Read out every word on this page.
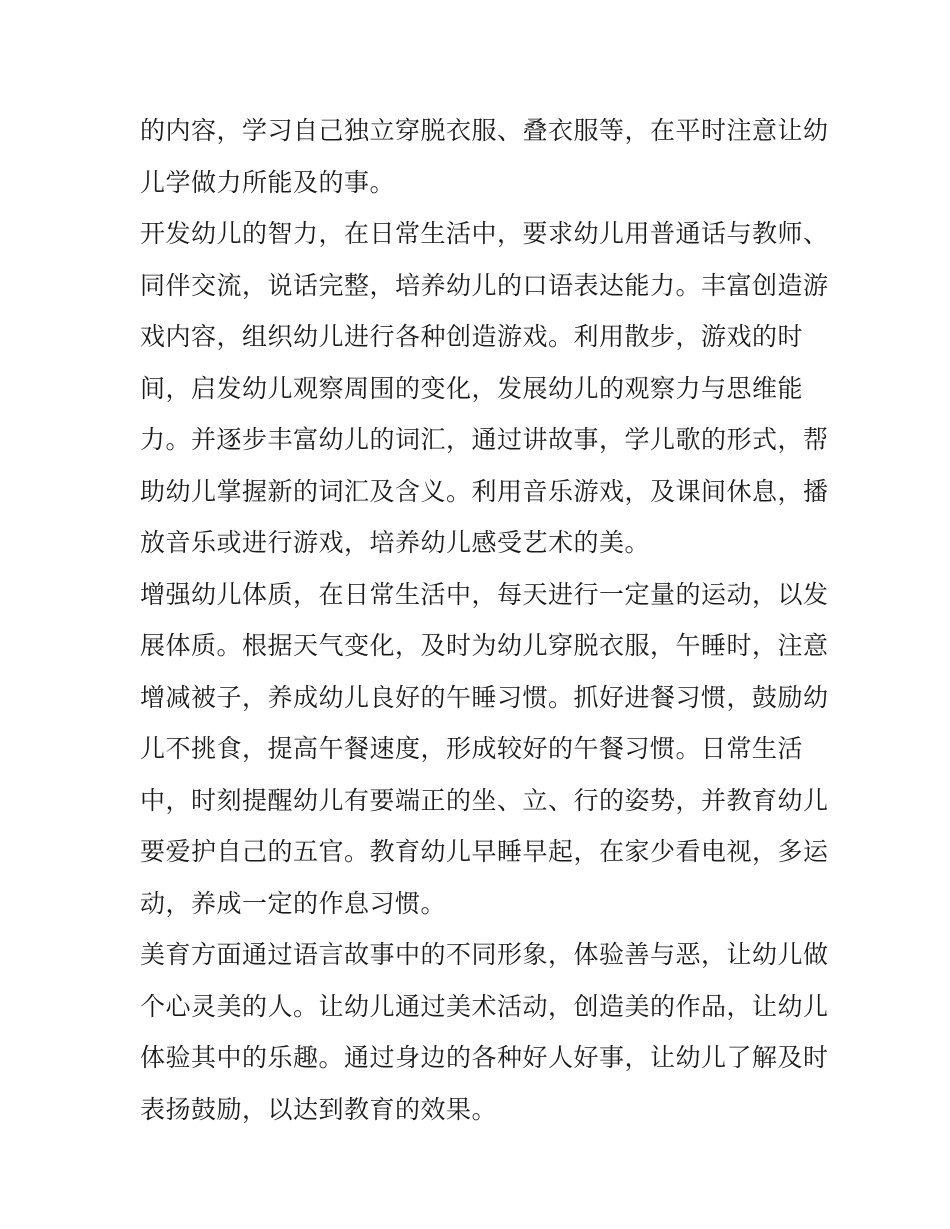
的内容，学习自己独立穿脱衣服、叠衣服等，在平时注意让幼
儿学做力所能及的事。
开发幼儿的智力，在日常生活中，要求幼儿用普通话与教师、
同伴交流，说话完整，培养幼儿的口语表达能力。丰富创造游
戏内容，组织幼儿进行各种创造游戏。利用散步，游戏的时
间，启发幼儿观察周围的变化，发展幼儿的观察力与思维能
力。并逐步丰富幼儿的词汇，通过讲故事，学儿歌的形式，帮
助幼儿掌握新的词汇及含义。利用音乐游戏，及课间休息，播
放音乐或进行游戏，培养幼儿感受艺术的美。
增强幼儿体质，在日常生活中，每天进行一定量的运动，以发
展体质。根据天气变化，及时为幼儿穿脱衣服，午睡时，注意
增减被子，养成幼儿良好的午睡习惯。抓好进餐习惯，鼓励幼
儿不挑食，提高午餐速度，形成较好的午餐习惯。日常生活
中，时刻提醒幼儿有要端正的坐、立、行的姿势，并教育幼儿
要爱护自己的五官。教育幼儿早睡早起，在家少看电视，多运
动，养成一定的作息习惯。
美育方面通过语言故事中的不同形象，体验善与恶，让幼儿做
个心灵美的人。让幼儿通过美术活动，创造美的作品，让幼儿
体验其中的乐趣。通过身边的各种好人好事，让幼儿了解及时
表扬鼓励，以达到教育的效果。
